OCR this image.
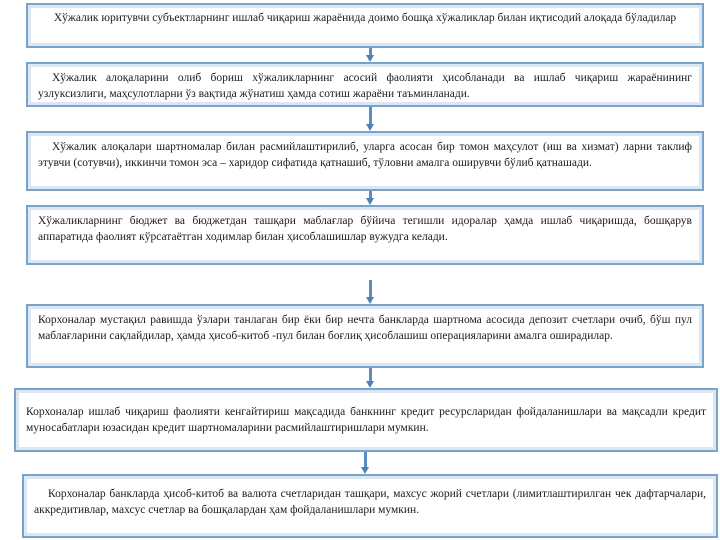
Хўжалик юритувчи субъектларнинг ишлаб чиқариш жараёнида доимо бошқа хўжаликлар билан иқтисодий алоқада бўладилар

Хўжалик алоқаларини олиб бориш хўжаликларнинг асосий фаолияти ҳисобланади ва ишлаб чиқариш жараёнининг узлуксизлиги, маҳсулотларни ўз вақтида жўнатиш ҳамда сотиш жараёни таъминланади.

Хўжалик алоқалари шартномалар билан расмийлаштирилиб, уларга асосан бир томон маҳсулот (иш ва хизмат) ларни таклиф этувчи (сотувчи), иккинчи томон эса – харидор сифатида қатнашиб, тўловни амалга оширувчи бўлиб қатнашади.

Хўжаликларнинг бюджет ва бюджетдан ташқари маблағлар бўйича тегишли идоралар ҳамда ишлаб чиқаришда, бошқарув аппаратида фаолият кўрсатаётган ходимлар билан ҳисоблашишлар вужудга келади.

Корхоналар мустақил равишда ўзлари танлаган бир ёки бир нечта банкларда шартнома асосида депозит счетлари очиб, бўш пул маблағларини сақлайдилар, ҳамда ҳисоб-китоб -пул билан боғлиқ ҳисоблашиш операцияларини амалга оширадилар.

Корхоналар ишлаб чиқариш фаолияти кенгайтириш мақсадида банкнинг кредит ресурсларидан фойдаланишлари ва мақсадли кредит муносабатлари юзасидан кредит шартномаларини расмийлаштиришлари мумкин.

Корхоналар банкларда ҳисоб-китоб ва валюта счетларидан ташқари, махсус жорий счетлари (лимитлаштирилган чек дафтарчалари, аккредитивлар, махсус счетлар ва бошқалардан ҳам фойдаланишлари мумкин.
